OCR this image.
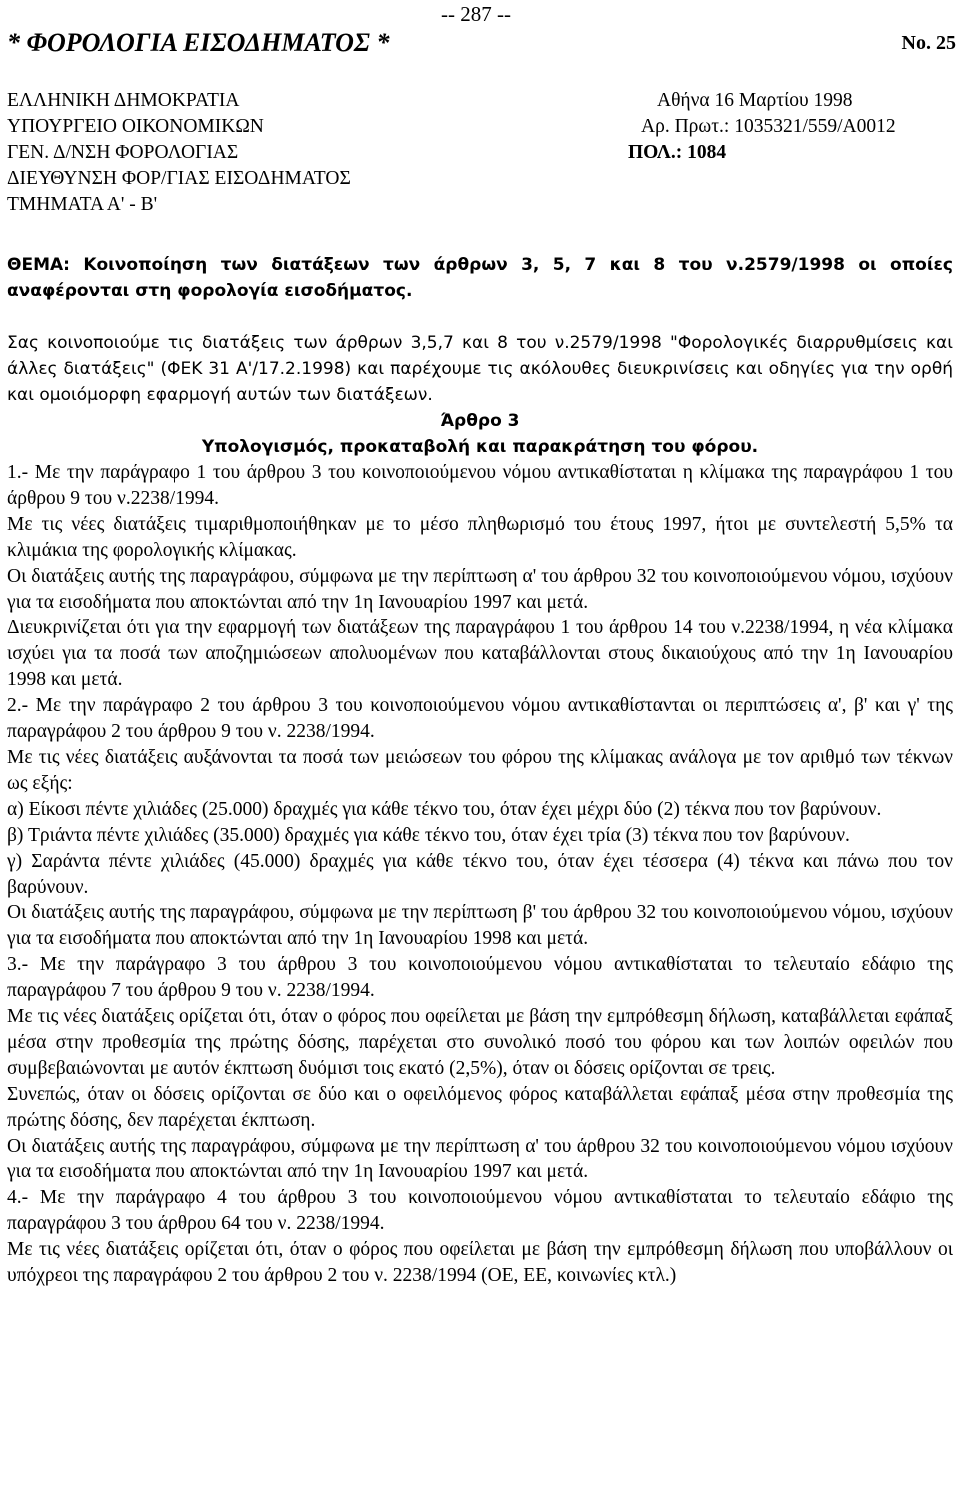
-- 287 --
* ΦΟΡΟΛΟΓΙΑ ΕΙΣΟΔΗΜΑΤΟΣ *	No. 25
ΕΛΛΗΝΙΚΗ ΔΗΜΟΚΡΑΤΙΑ	Αθήνα 16 Μαρτίου 1998
ΥΠΟΥΡΓΕΙΟ ΟΙΚΟΝΟΜΙΚΩΝ	Αρ. Πρωτ.: 1035321/559/Α0012
ΓΕΝ. Δ/ΝΣΗ ΦΟΡΟΛΟΓΙΑΣ	ΠΟΛ.: 1084
ΔΙΕΥΘΥΝΣΗ ΦΟΡ/ΓΙΑΣ ΕΙΣΟΔΗΜΑΤΟΣ
ΤΜΗΜΑΤΑ Α' - Β'

ΘΕΜΑ: Κοινοποίηση των διατάξεων των άρθρων 3, 5, 7 και 8 του ν.2579/1998 οι οποίες αναφέρονται στη φορολογία εισοδήματος.

Σας κοινοποιούμε τις διατάξεις των άρθρων 3,5,7 και 8 του ν.2579/1998 "Φορολογικές διαρρυθμίσεις και άλλες διατάξεις" (ΦΕΚ 31 Α'/17.2.1998) και παρέχουμε τις ακόλουθες διευκρινίσεις και οδηγίες για την ορθή και ομοιόμορφη εφαρμογή αυτών των διατάξεων.

Άρθρο 3

Υπολογισμός, προκαταβολή και παρακράτηση του φόρου.

1.- Με την παράγραφο 1 του άρθρου 3 του κοινοποιούμενου νόμου αντικαθίσταται η κλίμακα της παραγράφου 1 του άρθρου 9 του ν.2238/1994.

Με τις νέες διατάξεις τιμαριθμοποιήθηκαν με το μέσο πληθωρισμό του έτους 1997, ήτοι με συντελεστή 5,5% τα κλιμάκια της φορολογικής κλίμακας.

Οι διατάξεις αυτής της παραγράφου, σύμφωνα με την περίπτωση α' του άρθρου 32 του κοινοποιούμενου νόμου, ισχύουν για τα εισοδήματα που αποκτώνται από την 1η Ιανουαρίου 1997 και μετά.

Διευκρινίζεται ότι για την εφαρμογή των διατάξεων της παραγράφου 1 του άρθρου 14 του ν.2238/1994, η νέα κλίμακα ισχύει για τα ποσά των αποζημιώσεων απολυομένων που καταβάλλονται στους δικαιούχους από την 1η Ιανουαρίου 1998 και μετά.

2.- Με την παράγραφο 2 του άρθρου 3 του κοινοποιούμενου νόμου αντικαθίστανται οι περιπτώσεις α', β' και γ' της παραγράφου 2 του άρθρου 9 του ν. 2238/1994.

Με τις νέες διατάξεις αυξάνονται τα ποσά των μειώσεων του φόρου της κλίμακας ανάλογα με τον αριθμό των τέκνων ως εξής:

α) Είκοσι πέντε χιλιάδες (25.000) δραχμές για κάθε τέκνο του, όταν έχει μέχρι δύο (2) τέκνα που τον βαρύνουν.

β) Τριάντα πέντε χιλιάδες (35.000) δραχμές για κάθε τέκνο του, όταν έχει τρία (3) τέκνα που τον βαρύνουν.

γ) Σαράντα πέντε χιλιάδες (45.000) δραχμές για κάθε τέκνο του, όταν έχει τέσσερα (4) τέκνα και πάνω που τον βαρύνουν.

Οι διατάξεις αυτής της παραγράφου, σύμφωνα με την περίπτωση β' του άρθρου 32 του κοινοποιούμενου νόμου, ισχύουν για τα εισοδήματα που αποκτώνται από την 1η Ιανουαρίου 1998 και μετά.

3.- Με την παράγραφο 3 του άρθρου 3 του κοινοποιούμενου νόμου αντικαθίσταται το τελευταίο εδάφιο της παραγράφου 7 του άρθρου 9 του ν. 2238/1994.

Με τις νέες διατάξεις ορίζεται ότι, όταν ο φόρος που οφείλεται με βάση την εμπρόθεσμη δήλωση, καταβάλλεται εφάπαξ μέσα στην προθεσμία της πρώτης δόσης, παρέχεται στο συνολικό ποσό του φόρου και των λοιπών οφειλών που συμβεβαιώνονται με αυτόν έκπτωση δυόμισι τοις εκατό (2,5%), όταν οι δόσεις ορίζονται σε τρεις.

Συνεπώς, όταν οι δόσεις ορίζονται σε δύο και ο οφειλόμενος φόρος καταβάλλεται εφάπαξ μέσα στην προθεσμία της πρώτης δόσης, δεν παρέχεται έκπτωση.

Οι διατάξεις αυτής της παραγράφου, σύμφωνα με την περίπτωση α' του άρθρου 32 του κοινοποιούμενου νόμου ισχύουν για τα εισοδήματα που αποκτώνται από την 1η Ιανουαρίου 1997 και μετά.

4.- Με την παράγραφο 4 του άρθρου 3 του κοινοποιούμενου νόμου αντικαθίσταται το τελευταίο εδάφιο της παραγράφου 3 του άρθρου 64 του ν. 2238/1994.

Με τις νέες διατάξεις ορίζεται ότι, όταν ο φόρος που οφείλεται με βάση την εμπρόθεσμη δήλωση που υποβάλλουν οι υπόχρεοι της παραγράφου 2 του άρθρου 2 του ν. 2238/1994 (ΟΕ, ΕΕ, κοινωνίες κτλ.)
